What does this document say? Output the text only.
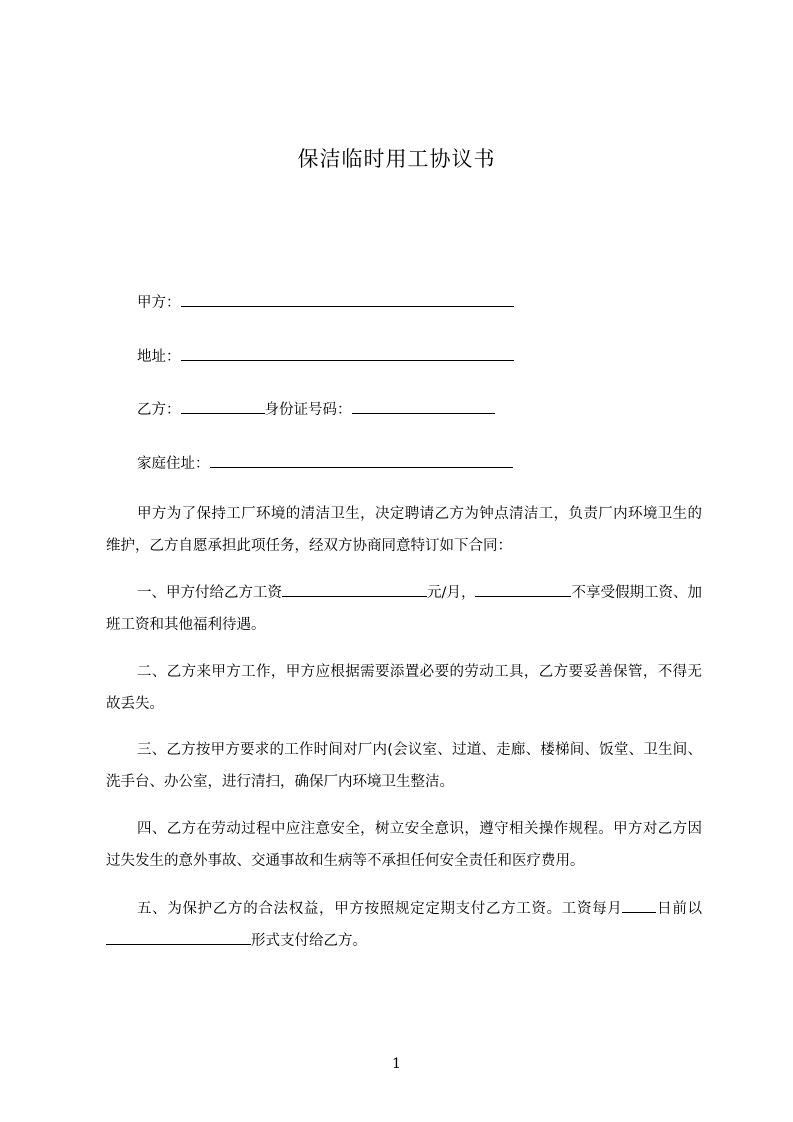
保洁临时用工协议书
甲方：
地址：
乙方：	身份证号码：
家庭住址：

甲方为了保持工厂环境的清洁卫生，决定聘请乙方为钟点清洁工，负责厂内环境卫生的维护，乙方自愿承担此项任务，经双方协商同意特订如下合同：

一、甲方付给乙方工资	元/月，	不享受假期工资、加班工资和其他福利待遇。

二、乙方来甲方工作，甲方应根据需要添置必要的劳动工具，乙方要妥善保管，不得无故丢失。

三、乙方按甲方要求的工作时间对厂内(会议室、过道、走廊、楼梯间、饭堂、卫生间、洗手台、办公室，进行清扫，确保厂内环境卫生整洁。

四、乙方在劳动过程中应注意安全，树立安全意识，遵守相关操作规程。甲方对乙方因过失发生的意外事故、交通事故和生病等不承担任何安全责任和医疗费用。

五、为保护乙方的合法权益，甲方按照规定定期支付乙方工资。工资每月 日前以形式支付给乙方。

1
